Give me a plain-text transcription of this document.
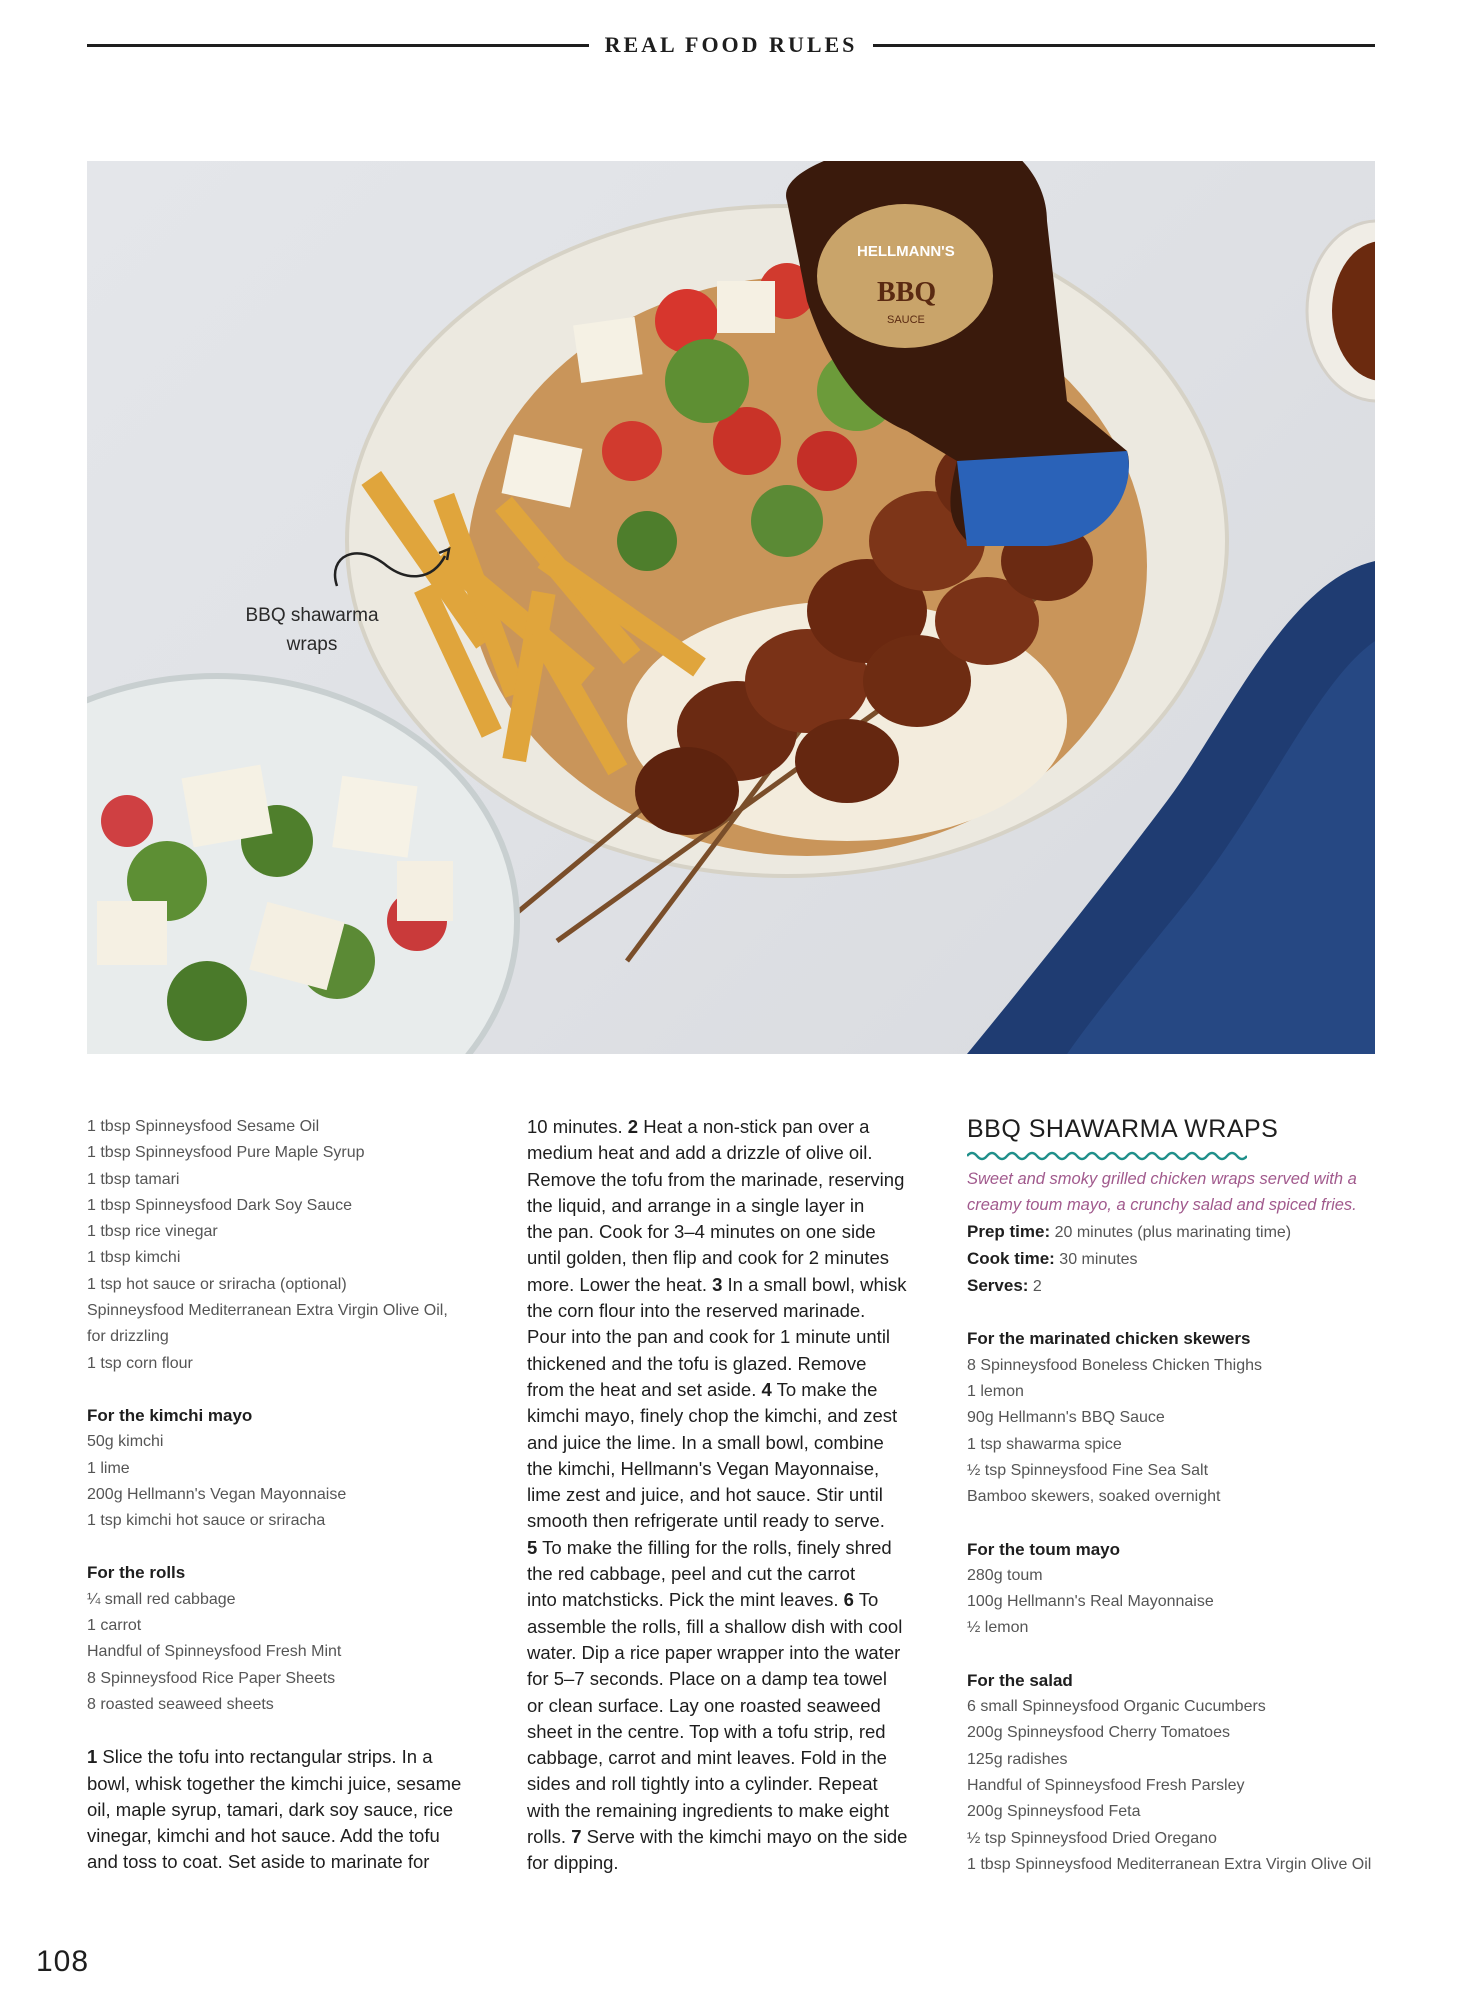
REAL FOOD RULES
HELLMANN'S
BBQ
SAUCE
BBQ shawarma
wraps
1 tbsp Spinneysfood Sesame Oil
1 tbsp Spinneysfood Pure Maple Syrup
1 tbsp tamari
1 tbsp Spinneysfood Dark Soy Sauce
1 tbsp rice vinegar
1 tbsp kimchi
1 tsp hot sauce or sriracha (optional)
Spinneysfood Mediterranean Extra Virgin Olive Oil,
for drizzling
1 tsp corn flour
For the kimchi mayo
50g kimchi
1 lime
200g Hellmann's Vegan Mayonnaise
1 tsp kimchi hot sauce or sriracha
For the rolls
¼ small red cabbage
1 carrot
Handful of Spinneysfood Fresh Mint
8 Spinneysfood Rice Paper Sheets
8 roasted seaweed sheets
1 Slice the tofu into rectangular strips. In a
bowl, whisk together the kimchi juice, sesame
oil, maple syrup, tamari, dark soy sauce, rice
vinegar, kimchi and hot sauce. Add the tofu
and toss to coat. Set aside to marinate for
10 minutes. 2 Heat a non-stick pan over a
medium heat and add a drizzle of olive oil.
Remove the tofu from the marinade, reserving
the liquid, and arrange in a single layer in
the pan. Cook for 3–4 minutes on one side
until golden, then flip and cook for 2 minutes
more. Lower the heat. 3 In a small bowl, whisk
the corn flour into the reserved marinade.
Pour into the pan and cook for 1 minute until
thickened and the tofu is glazed. Remove
from the heat and set aside. 4 To make the
kimchi mayo, finely chop the kimchi, and zest
and juice the lime. In a small bowl, combine
the kimchi, Hellmann's Vegan Mayonnaise,
lime zest and juice, and hot sauce. Stir until
smooth then refrigerate until ready to serve.
5 To make the filling for the rolls, finely shred
the red cabbage, peel and cut the carrot
into matchsticks. Pick the mint leaves. 6 To
assemble the rolls, fill a shallow dish with cool
water. Dip a rice paper wrapper into the water
for 5–7 seconds. Place on a damp tea towel
or clean surface. Lay one roasted seaweed
sheet in the centre. Top with a tofu strip, red
cabbage, carrot and mint leaves. Fold in the
sides and roll tightly into a cylinder. Repeat
with the remaining ingredients to make eight
rolls. 7 Serve with the kimchi mayo on the side
for dipping.
BBQ SHAWARMA WRAPS
Sweet and smoky grilled chicken wraps served with a
creamy toum mayo, a crunchy salad and spiced fries.
Prep time: 20 minutes (plus marinating time)
Cook time: 30 minutes
Serves: 2
For the marinated chicken skewers
8 Spinneysfood Boneless Chicken Thighs
1 lemon
90g Hellmann's BBQ Sauce
1 tsp shawarma spice
½ tsp Spinneysfood Fine Sea Salt
Bamboo skewers, soaked overnight
For the toum mayo
280g toum
100g Hellmann's Real Mayonnaise
½ lemon
For the salad
6 small Spinneysfood Organic Cucumbers
200g Spinneysfood Cherry Tomatoes
125g radishes
Handful of Spinneysfood Fresh Parsley
200g Spinneysfood Feta
½ tsp Spinneysfood Dried Oregano
1 tbsp Spinneysfood Mediterranean Extra Virgin Olive Oil
108
